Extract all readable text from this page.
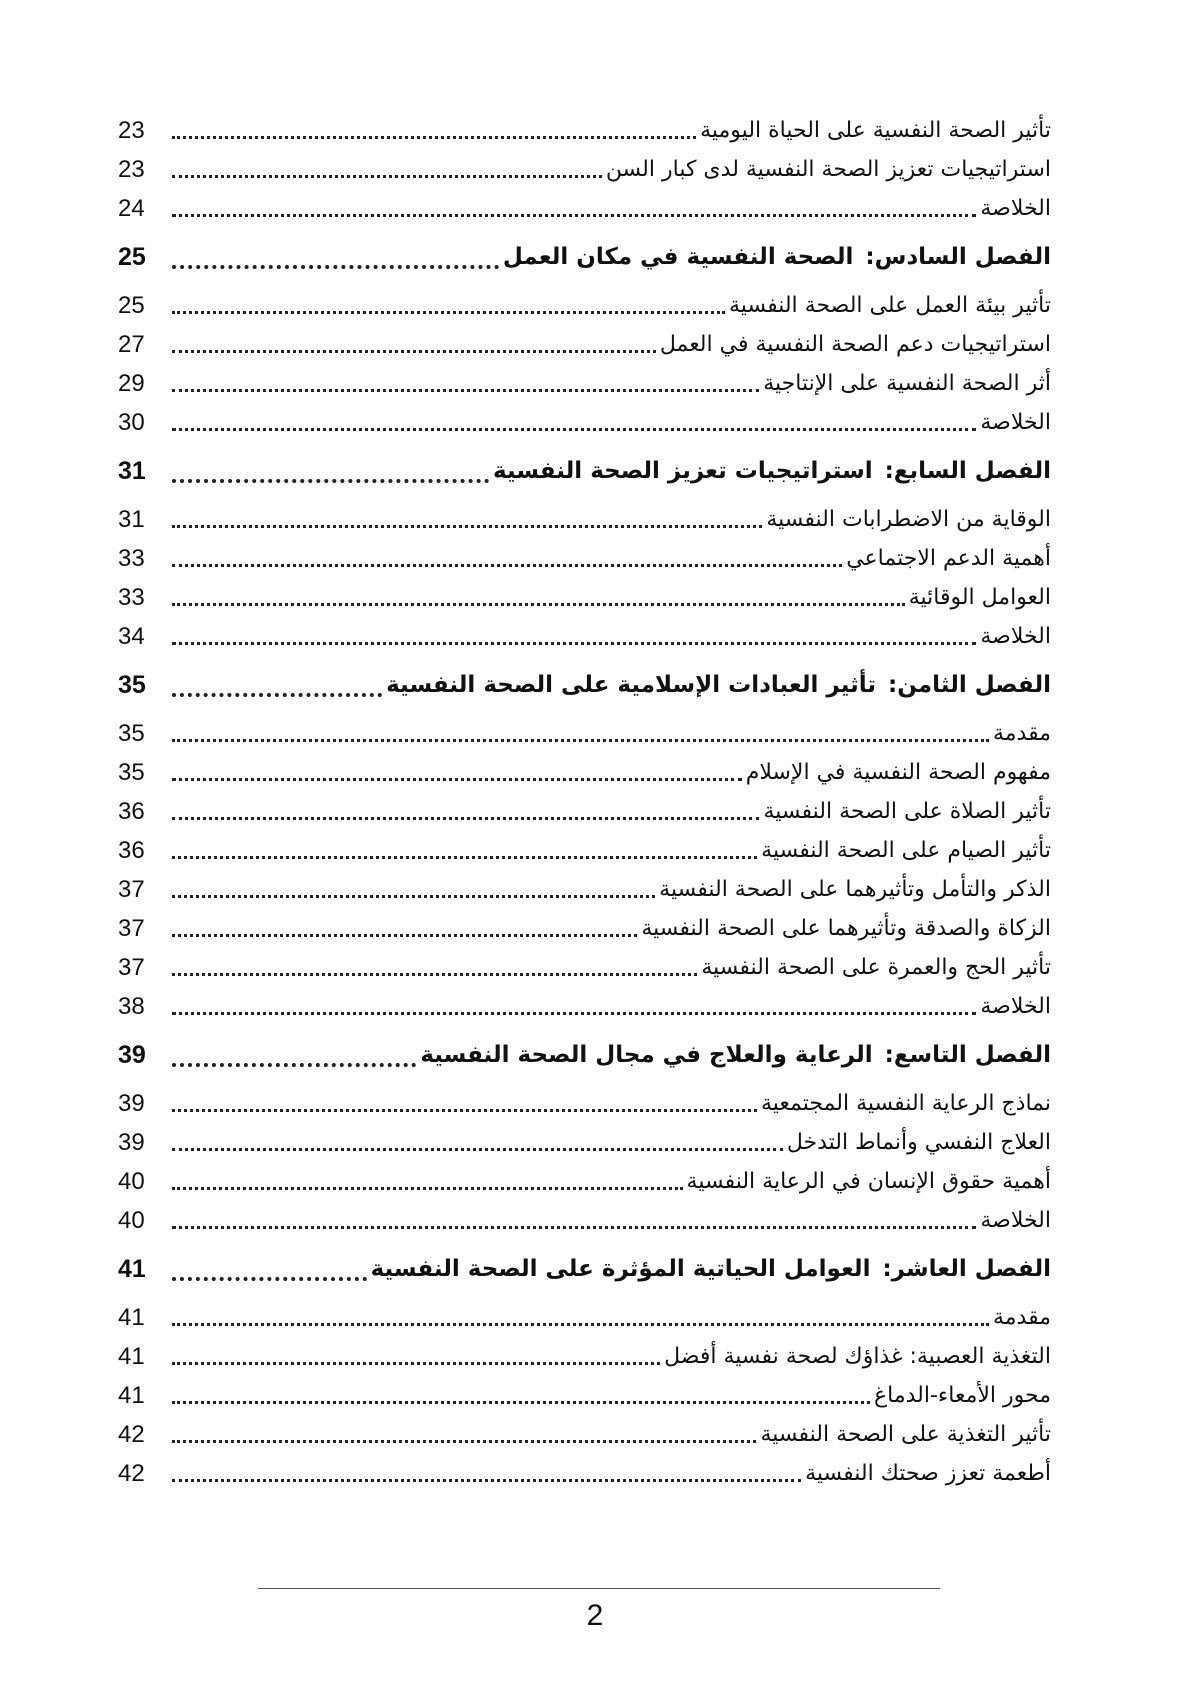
تأثير الصحة النفسية على الحياة اليومية
23
استراتيجيات تعزيز الصحة النفسية لدى كبار السن
23
الخلاصة
24
الفصل السادس:الصحة النفسية في مكان العمل
25
تأثير بيئة العمل على الصحة النفسية
25
استراتيجيات دعم الصحة النفسية في العمل
27
أثر الصحة النفسية على الإنتاجية
29
الخلاصة
30
الفصل السابع:استراتيجيات تعزيز الصحة النفسية
31
الوقاية من الاضطرابات النفسية
31
أهمية الدعم الاجتماعي
33
العوامل الوقائية
33
الخلاصة
34
الفصل الثامن:تأثير العبادات الإسلامية على الصحة النفسية
35
مقدمة
35
مفهوم الصحة النفسية في الإسلام
35
تأثير الصلاة على الصحة النفسية
36
تأثير الصيام على الصحة النفسية
36
الذكر والتأمل وتأثيرهما على الصحة النفسية
37
الزكاة والصدقة وتأثيرهما على الصحة النفسية
37
تأثير الحج والعمرة على الصحة النفسية
37
الخلاصة
38
الفصل التاسع:الرعاية والعلاج في مجال الصحة النفسية
39
نماذج الرعاية النفسية المجتمعية
39
العلاج النفسي وأنماط التدخل
39
أهمية حقوق الإنسان في الرعاية النفسية
40
الخلاصة
40
الفصل العاشر:العوامل الحياتية المؤثرة على الصحة النفسية
41
مقدمة
41
التغذية العصبية: غذاؤك لصحة نفسية أفضل
41
محور الأمعاء-الدماغ
41
تأثير التغذية على الصحة النفسية
42
أطعمة تعزز صحتك النفسية
42
2
